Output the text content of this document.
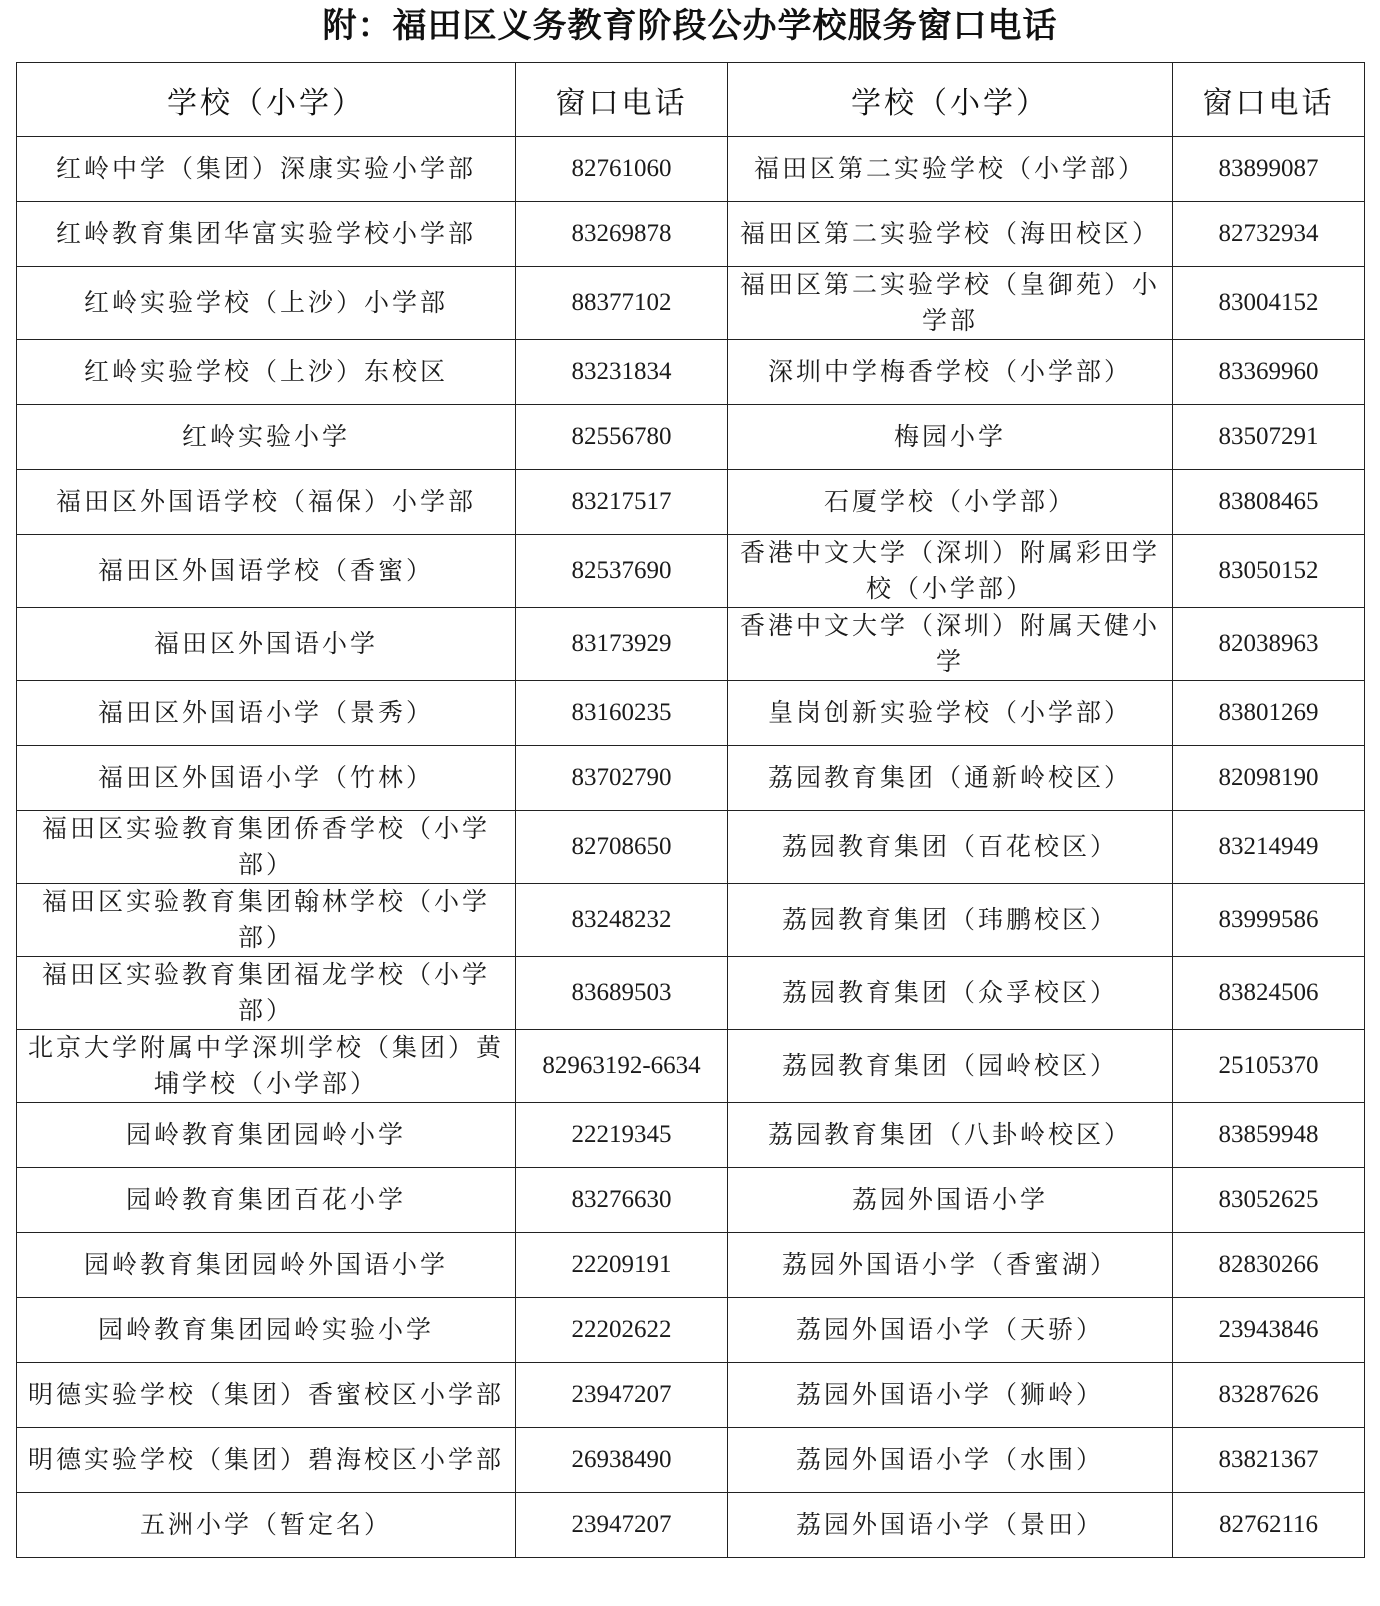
附：福田区义务教育阶段公办学校服务窗口电话
学校（小学）	窗口电话	学校（小学）	窗口电话
红岭中学（集团）深康实验小学部	82761060	福田区第二实验学校（小学部）	83899087
红岭教育集团华富实验学校小学部	83269878	福田区第二实验学校（海田校区）	82732934
红岭实验学校（上沙）小学部	88377102	福田区第二实验学校（皇御苑）小学部	83004152
红岭实验学校（上沙）东校区	83231834	深圳中学梅香学校（小学部）	83369960
红岭实验小学	82556780	梅园小学	83507291
福田区外国语学校（福保）小学部	83217517	石厦学校（小学部）	83808465
福田区外国语学校（香蜜）	82537690	香港中文大学（深圳）附属彩田学校（小学部）	83050152
福田区外国语小学	83173929	香港中文大学（深圳）附属天健小学	82038963
福田区外国语小学（景秀）	83160235	皇岗创新实验学校（小学部）	83801269
福田区外国语小学（竹林）	83702790	荔园教育集团（通新岭校区）	82098190
福田区实验教育集团侨香学校（小学部）	82708650	荔园教育集团（百花校区）	83214949
福田区实验教育集团翰林学校（小学部）	83248232	荔园教育集团（玮鹏校区）	83999586
福田区实验教育集团福龙学校（小学部）	83689503	荔园教育集团（众孚校区）	83824506
北京大学附属中学深圳学校（集团）黄埔学校（小学部）	82963192-6634	荔园教育集团（园岭校区）	25105370
园岭教育集团园岭小学	22219345	荔园教育集团（八卦岭校区）	83859948
园岭教育集团百花小学	83276630	荔园外国语小学	83052625
园岭教育集团园岭外国语小学	22209191	荔园外国语小学（香蜜湖）	82830266
园岭教育集团园岭实验小学	22202622	荔园外国语小学（天骄）	23943846
明德实验学校（集团）香蜜校区小学部	23947207	荔园外国语小学（狮岭）	83287626
明德实验学校（集团）碧海校区小学部	26938490	荔园外国语小学（水围）	83821367
五洲小学（暂定名）	23947207	荔园外国语小学（景田）	82762116
